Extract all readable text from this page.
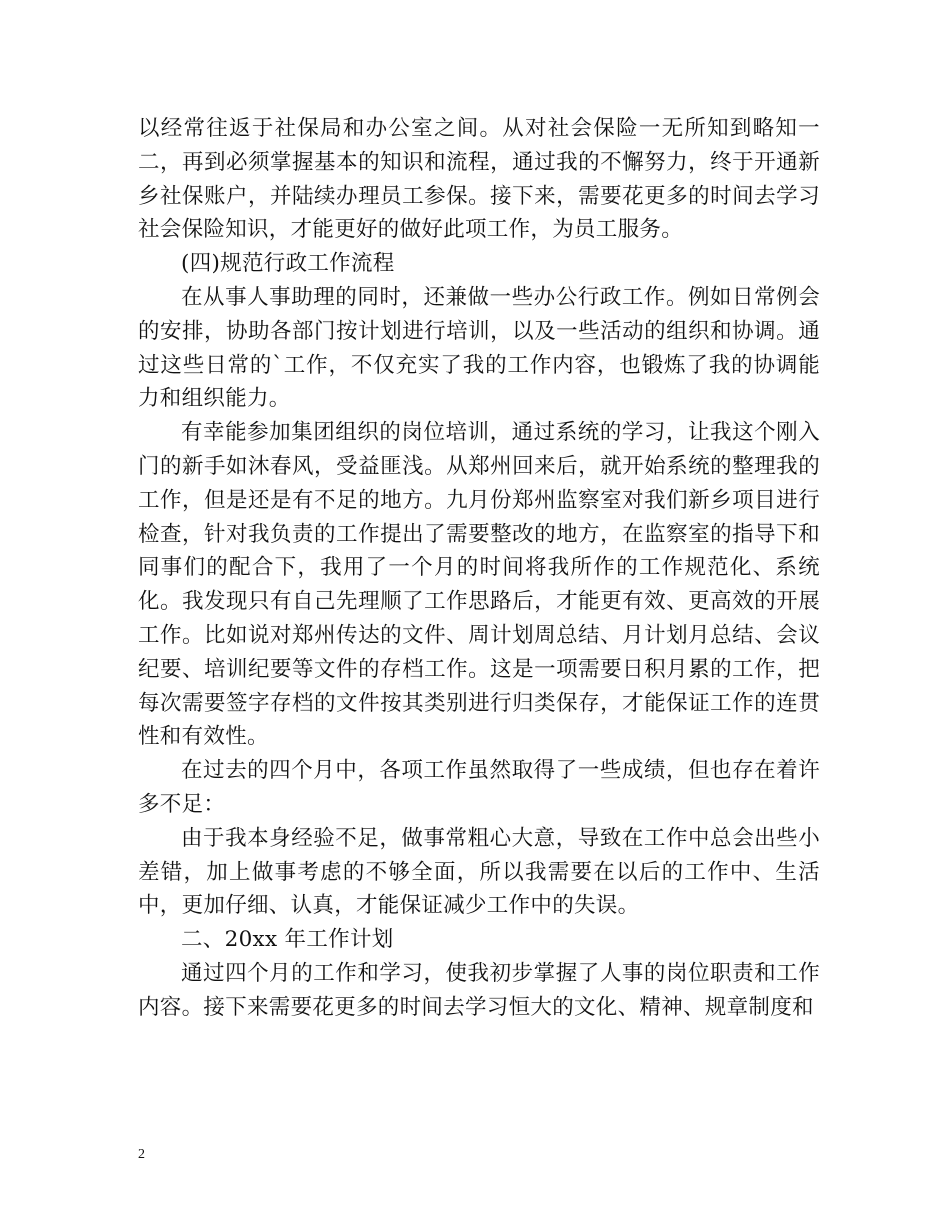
以经常往返于社保局和办公室之间。从对社会保险一无所知到略知一二，再到必须掌握基本的知识和流程，通过我的不懈努力，终于开通新乡社保账户，并陆续办理员工参保。接下来，需要花更多的时间去学习社会保险知识，才能更好的做好此项工作，为员工服务。

(四)规范行政工作流程

在从事人事助理的同时，还兼做一些办公行政工作。例如日常例会的安排，协助各部门按计划进行培训，以及一些活动的组织和协调。通过这些日常的`工作，不仅充实了我的工作内容，也锻炼了我的协调能力和组织能力。

有幸能参加集团组织的岗位培训，通过系统的学习，让我这个刚入门的新手如沐春风，受益匪浅。从郑州回来后，就开始系统的整理我的工作，但是还是有不足的地方。九月份郑州监察室对我们新乡项目进行检查，针对我负责的工作提出了需要整改的地方，在监察室的指导下和同事们的配合下，我用了一个月的时间将我所作的工作规范化、系统化。我发现只有自己先理顺了工作思路后，才能更有效、更高效的开展工作。比如说对郑州传达的文件、周计划周总结、月计划月总结、会议纪要、培训纪要等文件的存档工作。这是一项需要日积月累的工作，把每次需要签字存档的文件按其类别进行归类保存，才能保证工作的连贯性和有效性。

在过去的四个月中，各项工作虽然取得了一些成绩，但也存在着许多不足：

由于我本身经验不足，做事常粗心大意，导致在工作中总会出些小差错，加上做事考虑的不够全面，所以我需要在以后的工作中、生活中，更加仔细、认真，才能保证减少工作中的失误。

二、20xx 年工作计划

通过四个月的工作和学习，使我初步掌握了人事的岗位职责和工作内容。接下来需要花更多的时间去学习恒大的文化、精神、规章制度和

2
